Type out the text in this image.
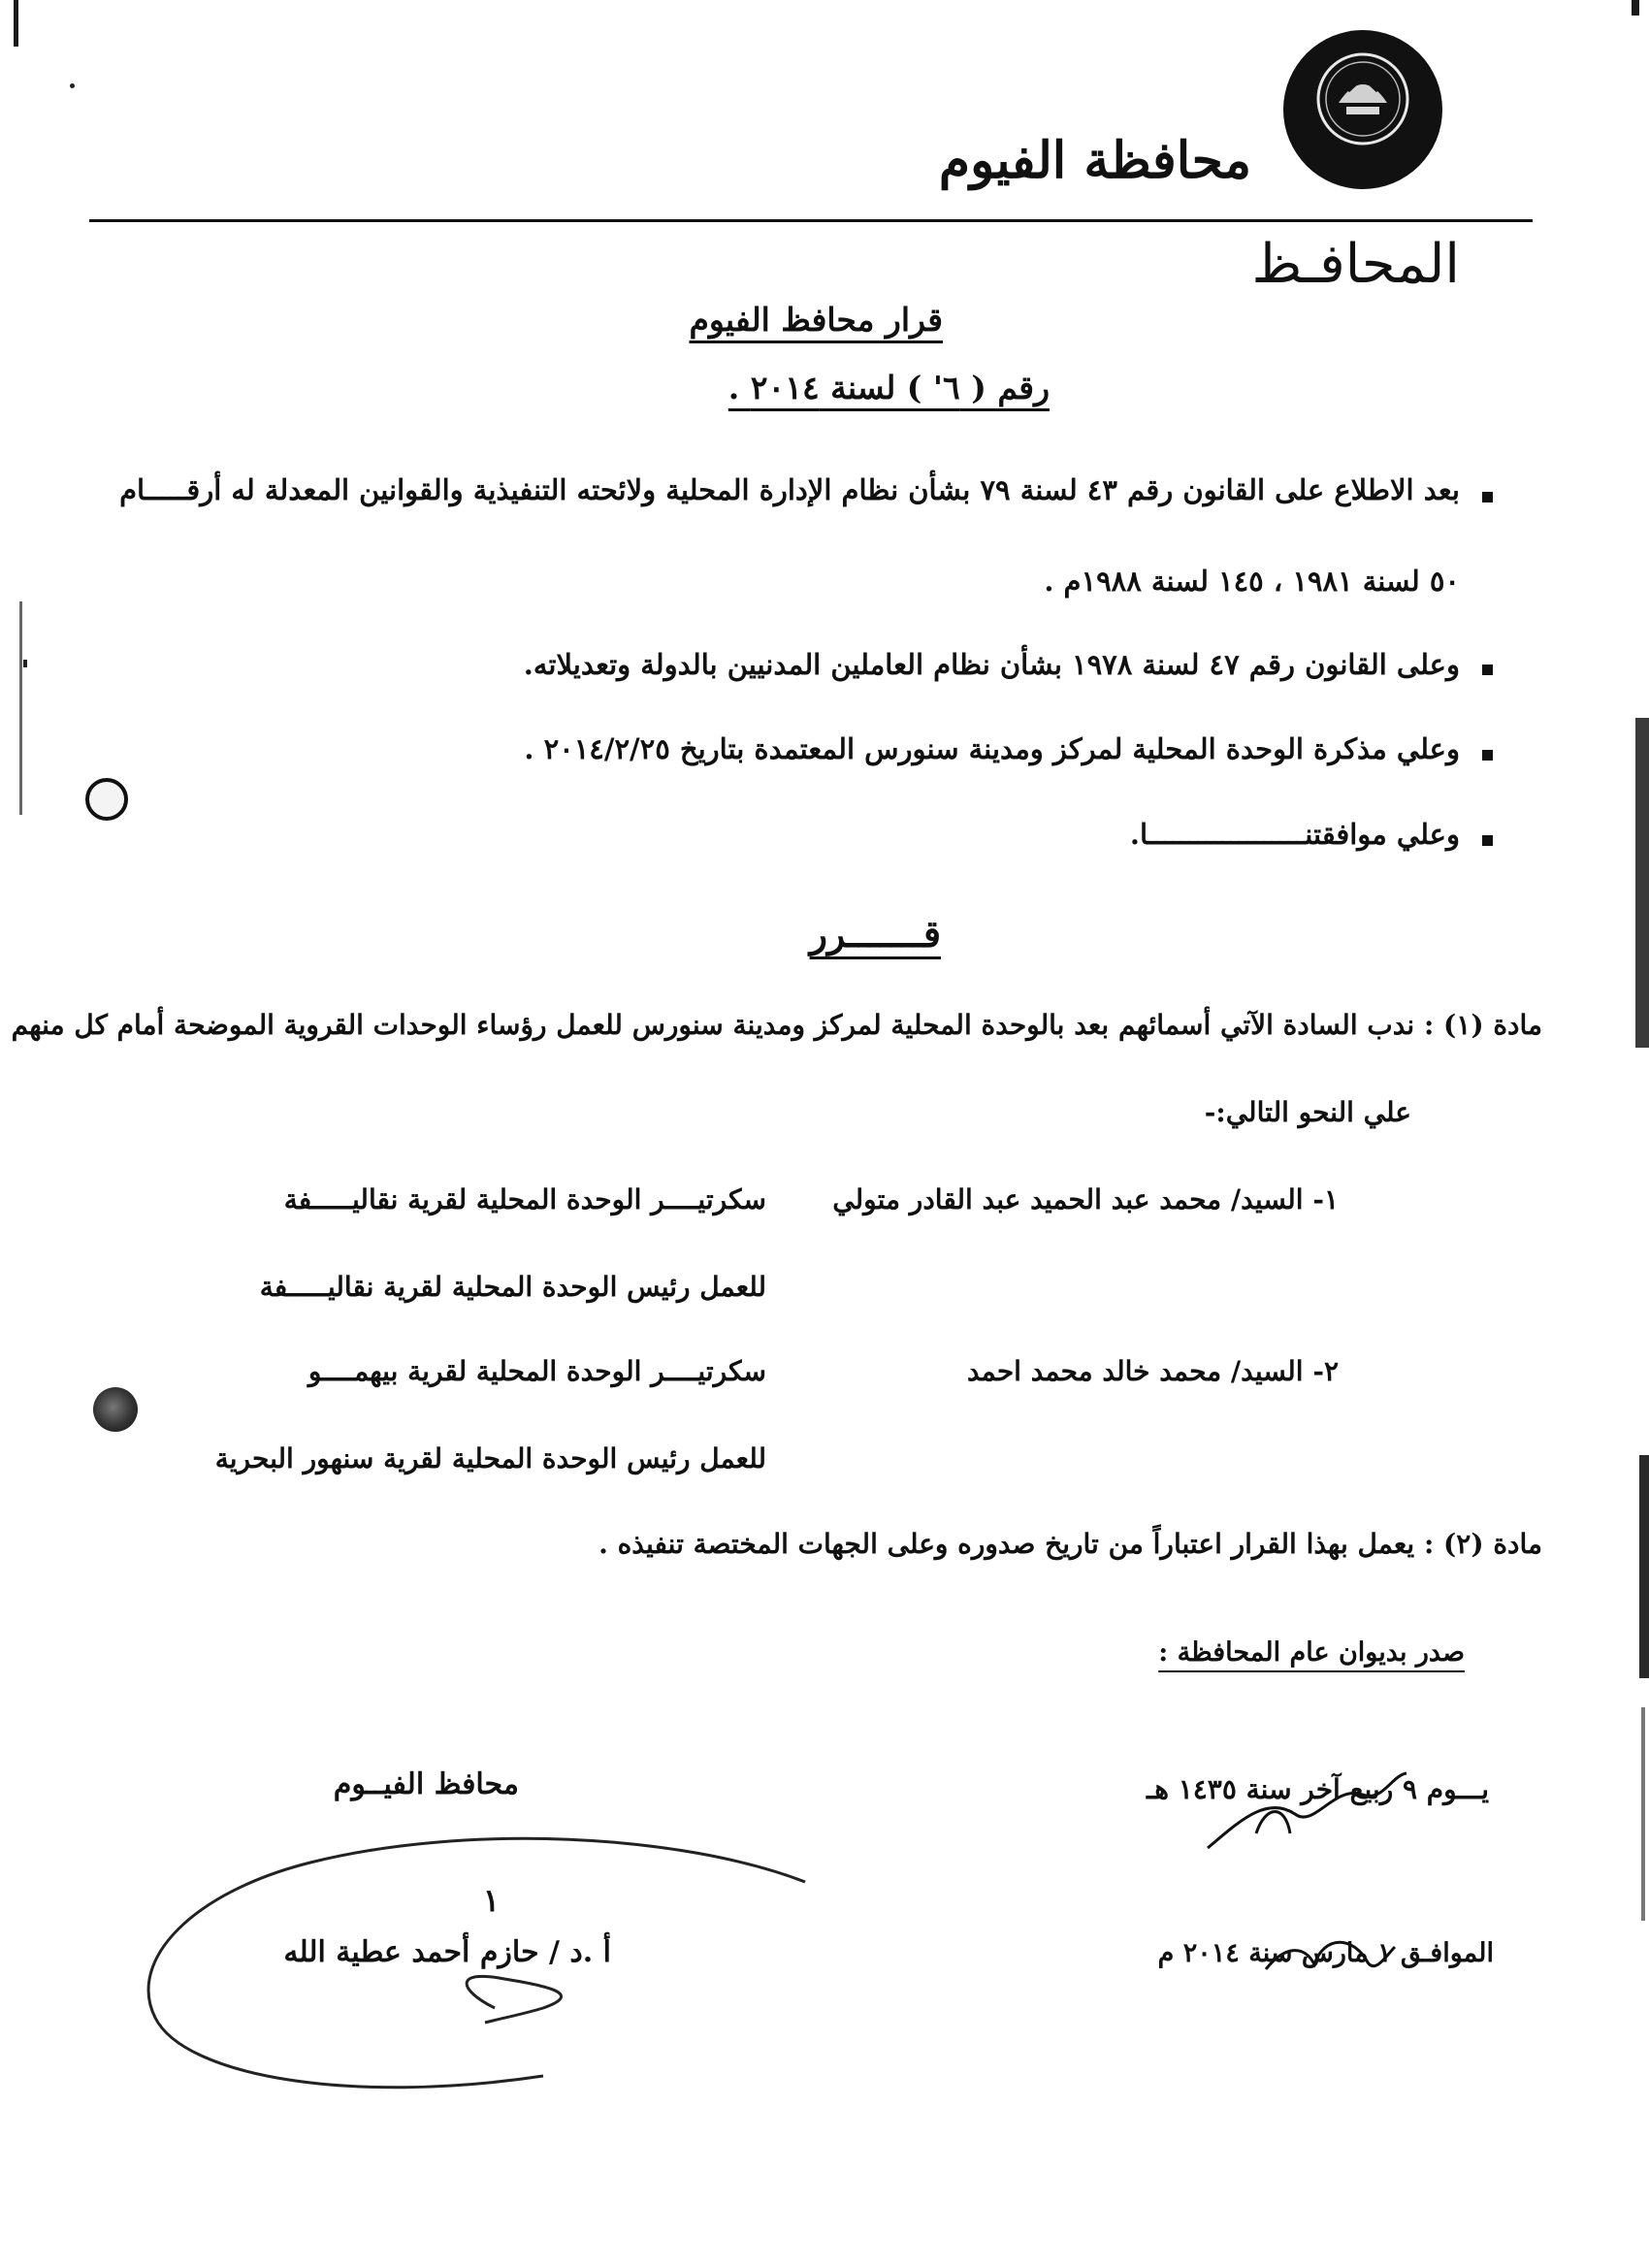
محافظة الفيوم
المحافـظ
قرار محافظ الفيوم
رقم ( ٦' ) لسنة ٢٠١٤ .
بعد الاطلاع على القانون رقم ٤٣ لسنة ٧٩ بشأن نظام الإدارة المحلية ولائحته التنفيذية والقوانين المعدلة له أرقـــــام
٥٠ لسنة ١٩٨١ ، ١٤٥ لسنة ١٩٨٨م .
وعلى القانون رقم ٤٧ لسنة ١٩٧٨ بشأن نظام العاملين المدنيين بالدولة وتعديلاته.
وعلي مذكرة الوحدة المحلية لمركز ومدينة سنورس المعتمدة بتاريخ ٢٠١٤/٢/٢٥ .
وعلي موافقتنـــــــــــــــــــا.
قـــــــرر
مادة (١) : ندب السادة الآتي أسمائهم بعد بالوحدة المحلية لمركز ومدينة سنورس للعمل رؤساء الوحدات القروية الموضحة أمام كل منهم
علي النحو التالي:-
١- السيد/ محمد عبد الحميد عبد القادر متولي
سكرتيــــر الوحدة المحلية لقرية نقاليـــــفة
للعمل رئيس الوحدة المحلية لقرية نقاليـــــفة
٢- السيد/ محمد خالد محمد احمد
سكرتيــــر الوحدة المحلية لقرية بيهمــــو
للعمل رئيس الوحدة المحلية لقرية سنهور البحرية
مادة (٢) : يعمل بهذا القرار اعتباراً من تاريخ صدوره وعلى الجهات المختصة تنفيذه .
صدر بديوان عام المحافظة :
يـــوم ٩ ربيع آخر سنة ١٤٣٥ هـ
الموافـق ١ مارس سنة ٢٠١٤ م
محافظ الفيــوم
١
أ .د / حازم أحمد عطية الله
